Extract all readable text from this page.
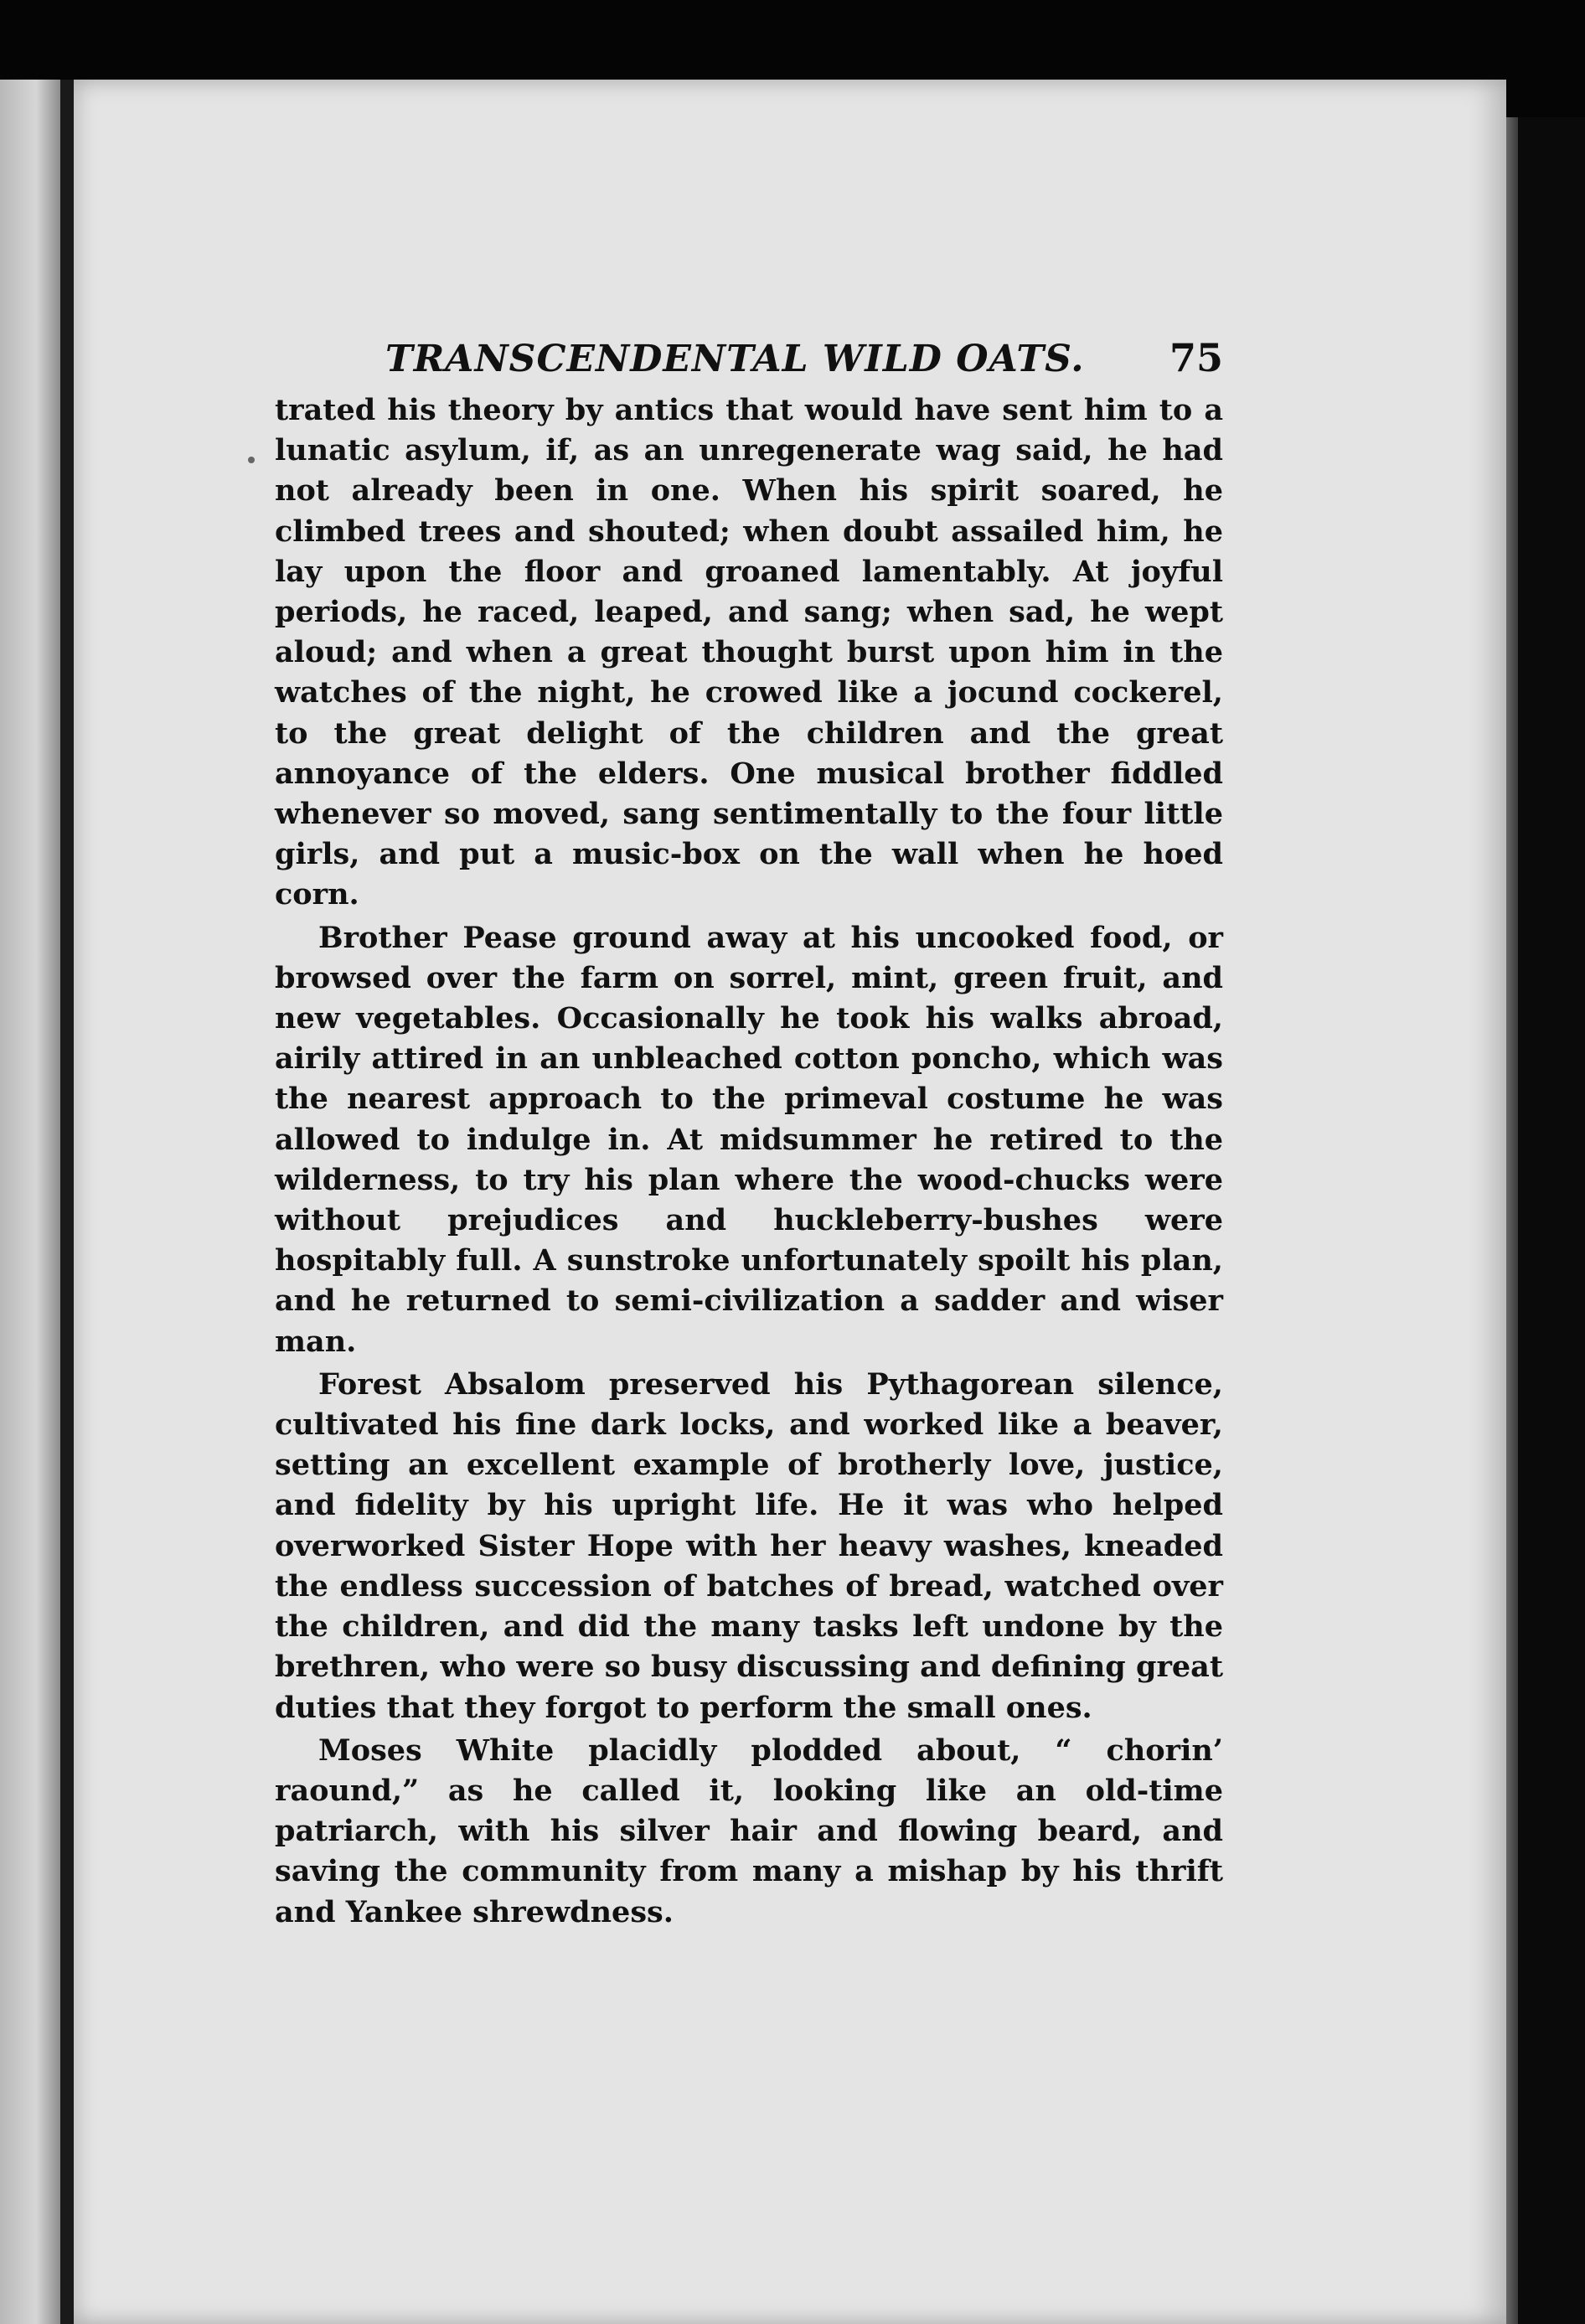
TRANSCENDENTAL WILD OATS. 75

trated his theory by antics that would have sent him to a lunatic asylum, if, as an unregenerate wag said, he had not already been in one. When his spirit soared, he climbed trees and shouted; when doubt assailed him, he lay upon the floor and groaned lamentably. At joyful periods, he raced, leaped, and sang; when sad, he wept aloud; and when a great thought burst upon him in the watches of the night, he crowed like a jocund cockerel, to the great delight of the children and the great annoyance of the elders. One musical brother fiddled whenever so moved, sang sentimentally to the four little girls, and put a music-box on the wall when he hoed corn.

Brother Pease ground away at his uncooked food, or browsed over the farm on sorrel, mint, green fruit, and new vegetables. Occasionally he took his walks abroad, airily attired in an unbleached cotton poncho, which was the nearest approach to the primeval costume he was allowed to indulge in. At midsummer he retired to the wilderness, to try his plan where the wood-chucks were without prejudices and huckleberry-bushes were hospitably full. A sunstroke unfortunately spoilt his plan, and he returned to semi-civilization a sadder and wiser man.

Forest Absalom preserved his Pythagorean silence, cultivated his fine dark locks, and worked like a beaver, setting an excellent example of brotherly love, justice, and fidelity by his upright life. He it was who helped overworked Sister Hope with her heavy washes, kneaded the endless succession of batches of bread, watched over the children, and did the many tasks left undone by the brethren, who were so busy discussing and defining great duties that they forgot to perform the small ones.

Moses White placidly plodded about, “ chorin’ raound,” as he called it, looking like an old-time patriarch, with his silver hair and flowing beard, and saving the community from many a mishap by his thrift and Yankee shrewdness.
